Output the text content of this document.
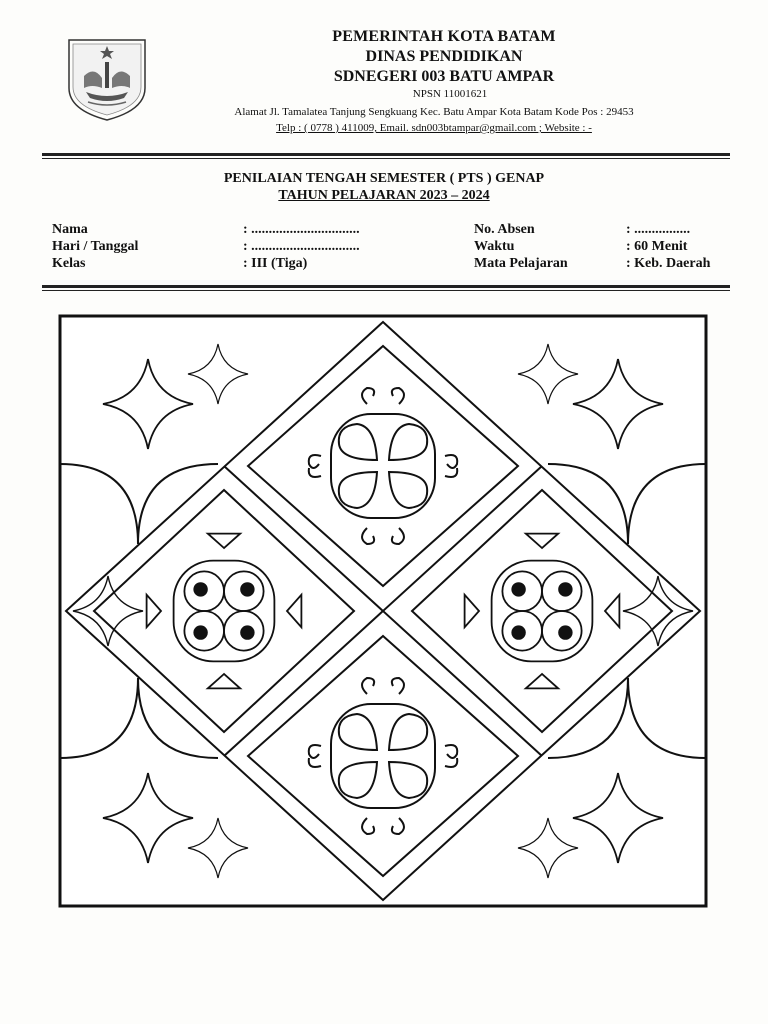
PEMERINTAH KOTA BATAM
DINAS PENDIDIKAN
SDNEGERI 003 BATU AMPAR
NPSN 11001621
Alamat Jl. Tamalatea Tanjung Sengkuang Kec. Batu Ampar Kota Batam Kode Pos : 29453
Telp : ( 0778 ) 411009, Email. sdn003btampar@gmail.com ; Website : -
PENILAIAN TENGAH SEMESTER ( PTS ) GENAP
TAHUN PELAJARAN 2023 – 2024
Nama	: ...............................
Hari / Tanggal	: ...............................
Kelas	: III (Tiga)
No. Absen	: ................
Waktu	: 60 Menit
Mata Pelajaran	: Keb. Daerah
